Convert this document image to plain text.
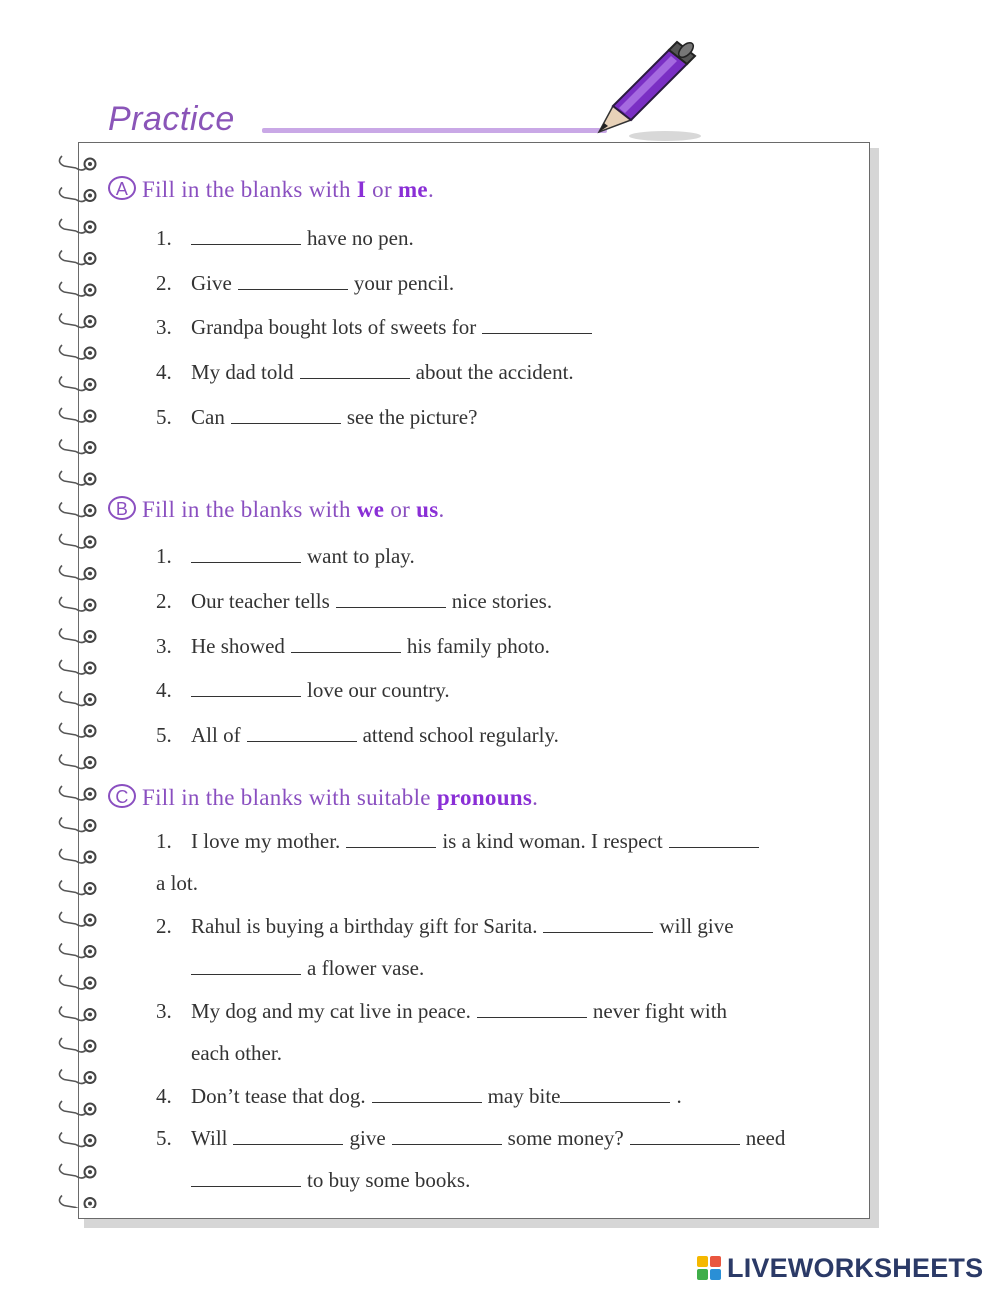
Practice
A Fill in the blanks with I or me.
1.	have no pen.
2. Give	your pencil.
3. Grandpa bought lots of sweets for
4. My dad told	about the accident.
5. Can	see the picture?
B Fill in the blanks with we or us.
1.	want to play.
2. Our teacher tells	nice stories.
3. He showed	his family photo.
4.	love our country.
5. All of	attend school regularly.
C Fill in the blanks with suitable pronouns.
1. I love my mother.	is a kind woman. I respect
a lot.
2. Rahul is buying a birthday gift for Sarita.	will give
a flower vase.
3. My dog and my cat live in peace.	never fight with
each other.
4. Don’t tease that dog.	may bite	.
5. Will	give	some money?	need
to buy some books.
LIVEWORKSHEETS
